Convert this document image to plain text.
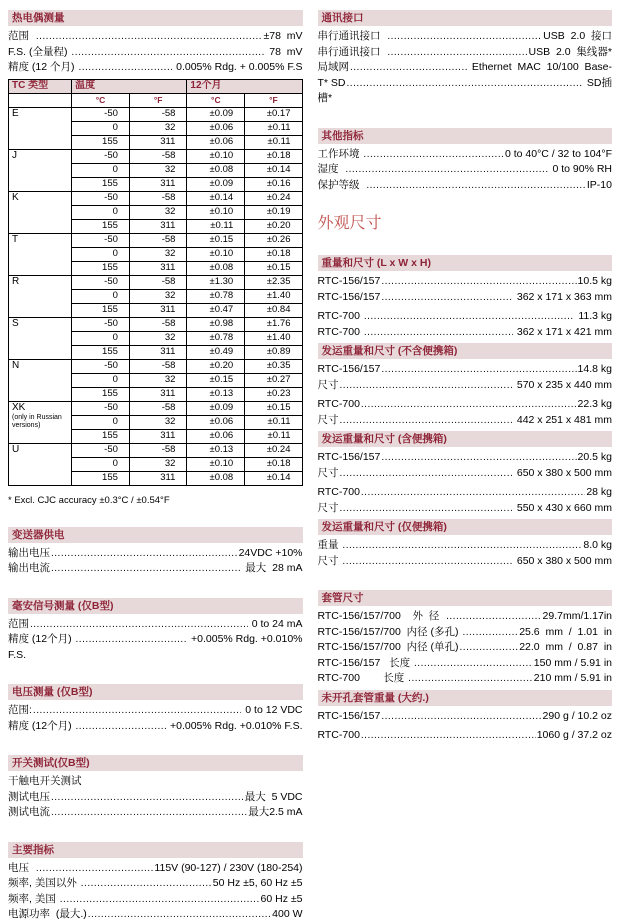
热电偶测量
范围 .....	±78  mV
F.S. (全量程) .....	78  mV
精度 (12 个月) .....	0.005% Rdg. + 0.005% F.S
TC 类型	温度		12个月	
	°C	°F	°C	°F
E	-50	-58	±0.09	±0.17
	0	32	±0.06	±0.11
	155	311	±0.06	±0.11
J	-50	-58	±0.10	±0.18
	0	32	±0.08	±0.14
	155	311	±0.09	±0.16
K	-50	-58	±0.14	±0.24
	0	32	±0.10	±0.19
	155	311	±0.11	±0.20
T	-50	-58	±0.15	±0.26
	0	32	±0.10	±0.18
	155	311	±0.08	±0.15
R	-50	-58	±1.30	±2.35
	0	32	±0.78	±1.40
	155	311	±0.47	±0.84
S	-50	-58	±0.98	±1.76
	0	32	±0.78	±1.40
	155	311	±0.49	±0.89
N	-50	-58	±0.20	±0.35
	0	32	±0.15	±0.27
	155	311	±0.13	±0.23
XK
(only in Russian versions)	-50	-58	±0.09	±0.15
	0	32	±0.06	±0.11
	155	311	±0.06	±0.11
U	-50	-58	±0.13	±0.24
	0	32	±0.10	±0.18
	155	311	±0.08	±0.14
* Excl. CJC accuracy ±0.3°C / ±0.54°F
变送器供电
输出电压 .....	24VDC +10%
输出电流 .....	最大  28 mA
毫安信号测量 (仅B型)
范围 .....	0 to 24 mA
精度 (12个月) .....	+0.005% Rdg. +0.010%
F.S.
电压测量 (仅B型)
范围: .....	0 to 12 VDC
精度 (12个月) .....	+0.005% Rdg. +0.010% F.S.
开关测试(仅B型)
干触电开关测试
测试电压 .....	最大  5 VDC
测试电流 .....	最大2.5 mA
主要指标
电压 .....	115V (90-127) / 230V (180-254)
频率, 美国以外 .....	50 Hz ±5, 60 Hz ±5
频率, 美国 .....	60 Hz ±5
电源功率  (最大.) .....	400 W
通讯接口
串行通讯接口 .....	USB  2.0  接口
串行通讯接口 .....	USB  2.0  集线器*
局域网 .....	Ethernet  MAC  10/100  Base-
T* SD .....	SD插
槽*
其他指标
工作环境 .....	0 to 40°C / 32 to 104°F
湿度 .....	0 to 90% RH
保护等级 .....	IP-10
外观尺寸
重量和尺寸 (L x W x H)
RTC-156/157 .....	10.5 kg
RTC-156/157 .....	362 x 171 x 363 mm
RTC-700 .....	11.3 kg
RTC-700 .....	362 x 171 x 421 mm
发运重量和尺寸 (不含便携箱)
RTC-156/157 .....	14.8 kg
尺寸 .....	570 x 235 x 440 mm
RTC-700 .....	22.3 kg
尺寸 .....	442 x 251 x 481 mm
发运重量和尺寸 (含便携箱)
RTC-156/157 .....	20.5 kg
尺寸 .....	650 x 380 x 500 mm
RTC-700 .....	28 kg
尺寸 .....	550 x 430 x 660 mm
发运重量和尺寸 (仅便携箱)
重量 .....	8.0 kg
尺寸 .....	650 x 380 x 500 mm
套管尺寸
RTC-156/157/700    外  径 .....	29.7mm/1.17in
RTC-156/157/700  内径 (多孔) .....	25.6  mm  /  1.01  in
RTC-156/157/700  内径 (单孔) .....	22.0  mm  /  0.87  in
RTC-156/157   长度 .....	150 mm / 5.91 in
RTC-700        长度 .....	210 mm / 5.91 in
未开孔套管重量 (大约.)
RTC-156/157 .....	290 g / 10.2 oz
RTC-700 .....	1060 g / 37.2 oz
